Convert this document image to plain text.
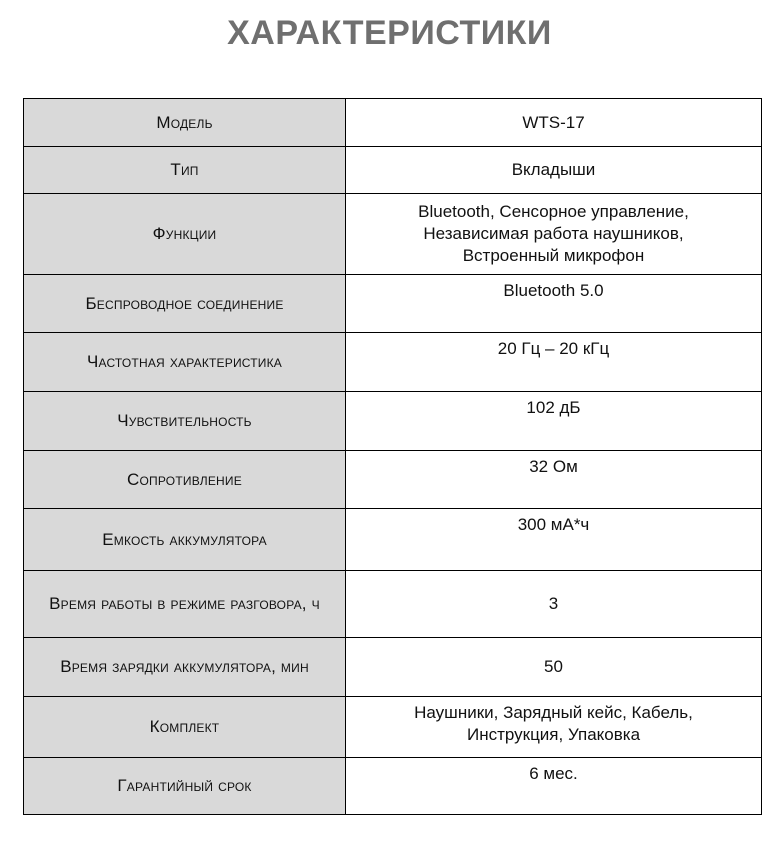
ХАРАКТЕРИСТИКИ
Модель	WTS-17
Тип	Вкладыши
Функции	Bluetooth, Сенсорное управление,
Независимая работа наушников,
Встроенный микрофон
Беспроводное соединение	Bluetooth 5.0
Частотная характеристика	20 Гц – 20 кГц
Чувствительность	102 дБ
Сопротивление	32 Ом
Емкость аккумулятора	300 мА*ч
Время работы в режиме разговора, ч	3
Время зарядки аккумулятора, мин	50
Комплект	Наушники, Зарядный кейс, Кабель,
Инструкция, Упаковка
Гарантийный срок	6 мес.
